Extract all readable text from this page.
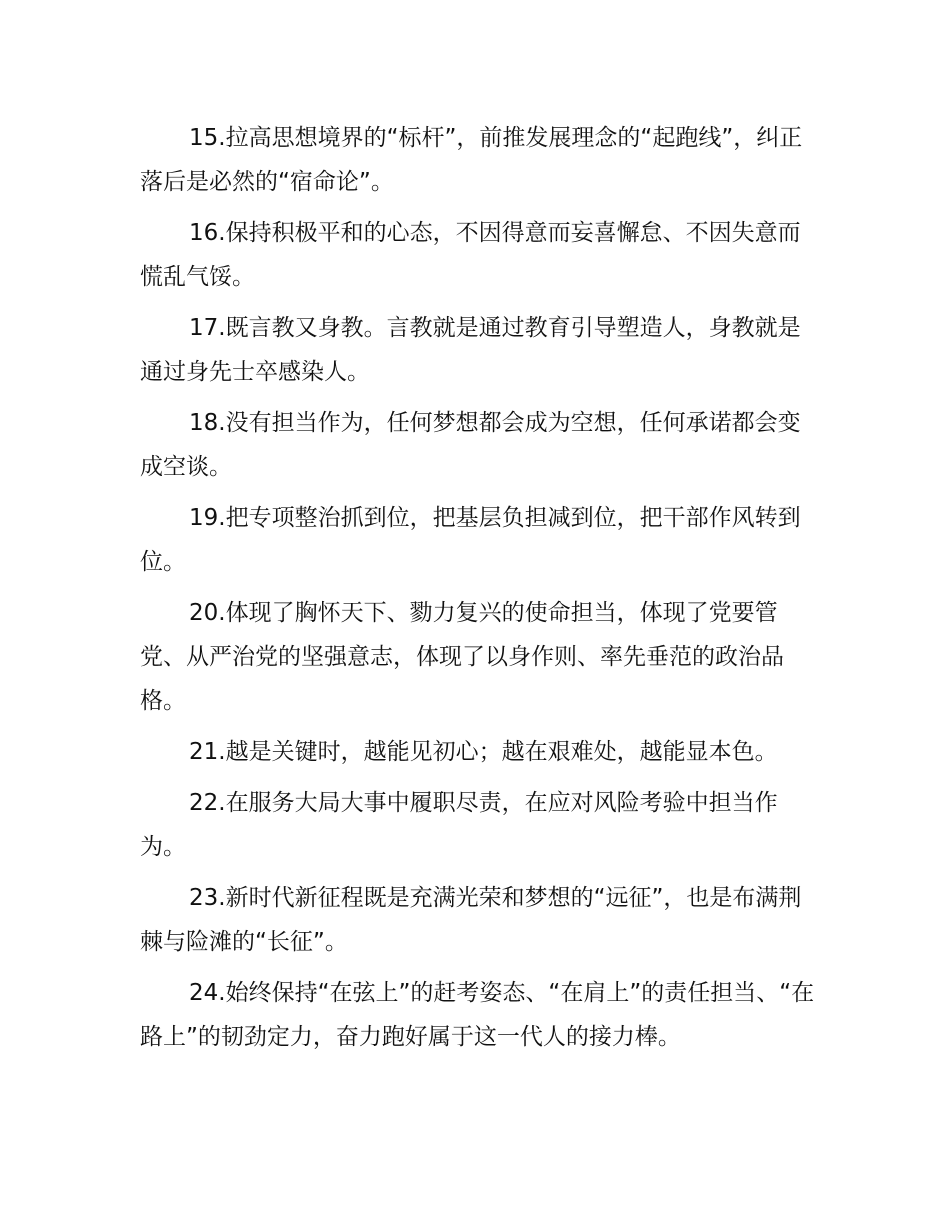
15.拉高思想境界的“标杆”，前推发展理念的“起跑线”，纠正落后是必然的“宿命论”。

16.保持积极平和的心态，不因得意而妄喜懈怠、不因失意而慌乱气馁。

17.既言教又身教。言教就是通过教育引导塑造人，身教就是通过身先士卒感染人。

18.没有担当作为，任何梦想都会成为空想，任何承诺都会变成空谈。

19.把专项整治抓到位，把基层负担减到位，把干部作风转到位。

20.体现了胸怀天下、勠力复兴的使命担当，体现了党要管党、从严治党的坚强意志，体现了以身作则、率先垂范的政治品格。

21.越是关键时，越能见初心；越在艰难处，越能显本色。

22.在服务大局大事中履职尽责，在应对风险考验中担当作为。

23.新时代新征程既是充满光荣和梦想的“远征”，也是布满荆棘与险滩的“长征”。

24.始终保持“在弦上”的赶考姿态、“在肩上”的责任担当、“在路上”的韧劲定力，奋力跑好属于这一代人的接力棒。
